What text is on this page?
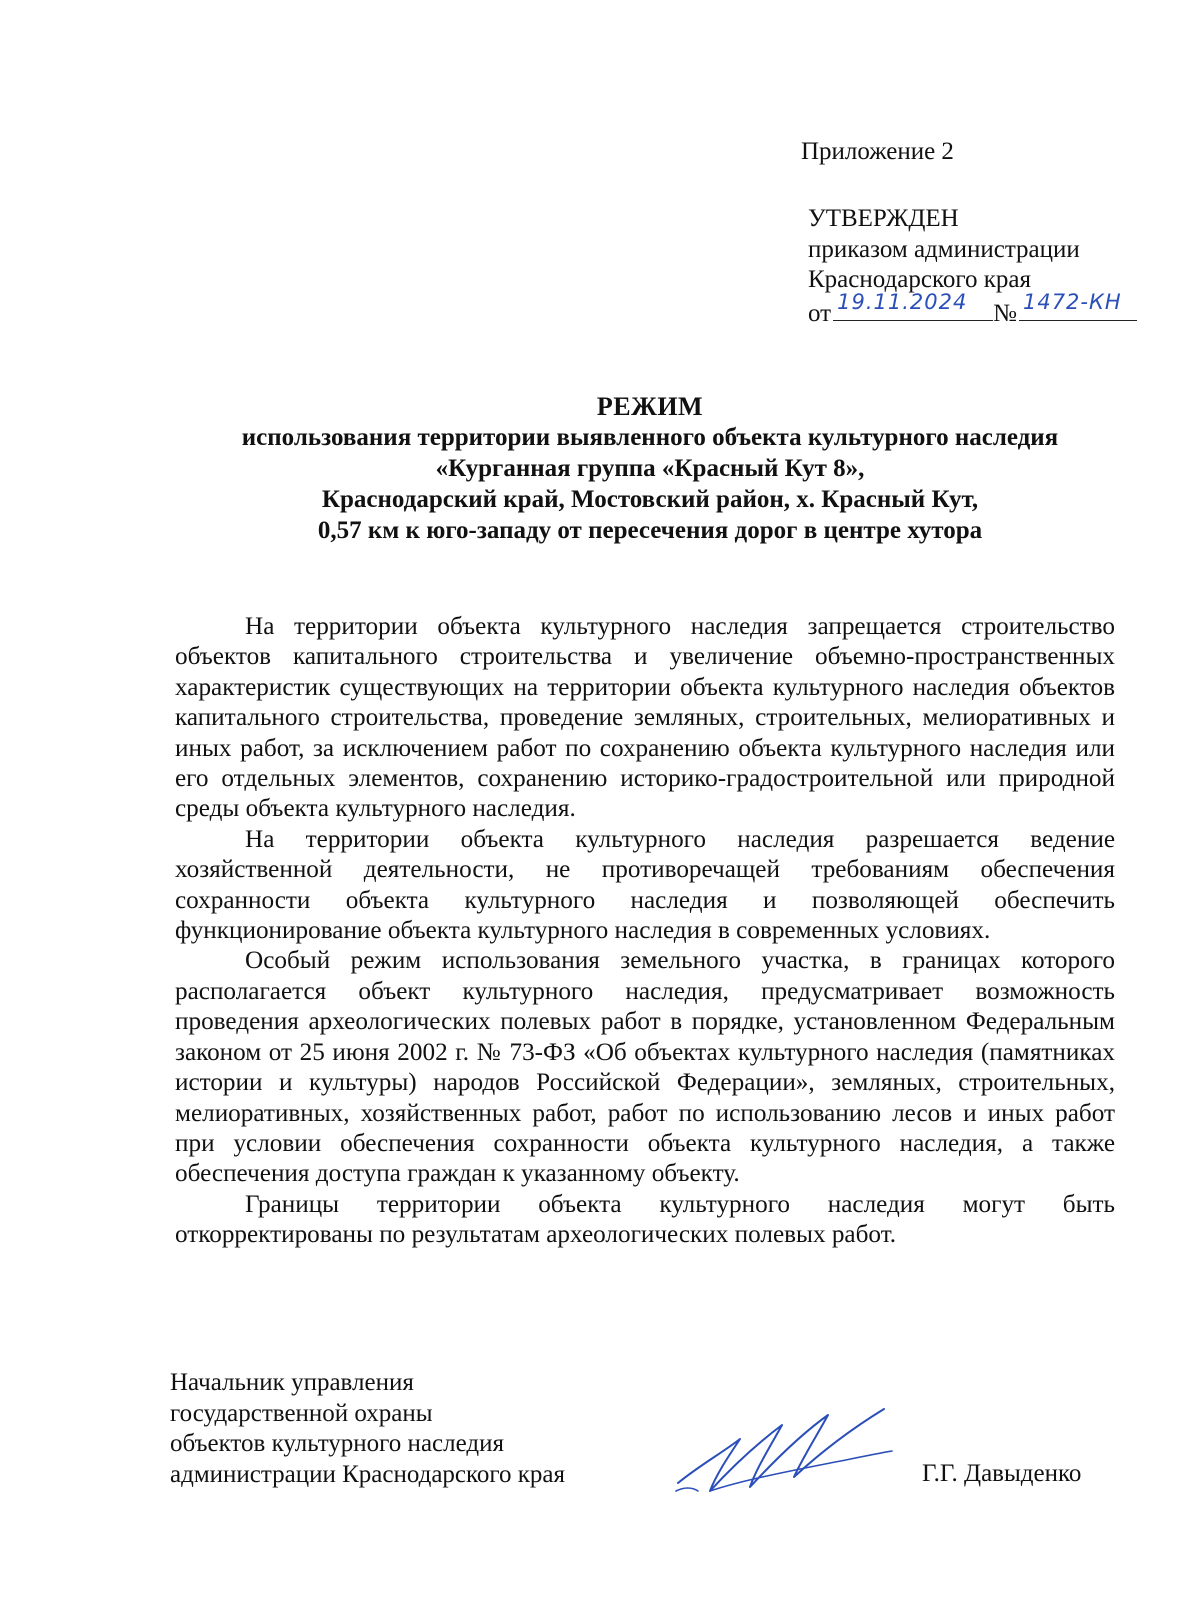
Приложение 2
УТВЕРЖДЕН
приказом администрации
Краснодарского края
от 19.11.2024 № 1472-КН
РЕЖИМ
использования территории выявленного объекта культурного наследия
«Курганная группа «Красный Кут 8»,
Краснодарский край, Мостовский район, х. Красный Кут,
0,57 км к юго-западу от пересечения дорог в центре хутора

На территории объекта культурного наследия запрещается строительство объектов капитального строительства и увеличение объемно-пространственных характеристик существующих на территории объекта культурного наследия объектов капитального строительства, проведение земляных, строительных, мелиоративных и иных работ, за исключением работ по сохранению объекта культурного наследия или его отдельных элементов, сохранению историко-градостроительной или природной среды объекта культурного наследия.

На территории объекта культурного наследия разрешается ведение хозяйственной деятельности, не противоречащей требованиям обеспечения сохранности объекта культурного наследия и позволяющей обеспечить функционирование объекта культурного наследия в современных условиях.

Особый режим использования земельного участка, в границах которого располагается объект культурного наследия, предусматривает возможность проведения археологических полевых работ в порядке, установленном Федеральным законом от 25 июня 2002 г. № 73-ФЗ «Об объектах культурного наследия (памятниках истории и культуры) народов Российской Федерации», земляных, строительных, мелиоративных, хозяйственных работ, работ по использованию лесов и иных работ при условии обеспечения сохранности объекта культурного наследия, а также обеспечения доступа граждан к указанному объекту.

Границы территории объекта культурного наследия могут быть откорректированы по результатам археологических полевых работ.

Начальник управления
государственной охраны
объектов культурного наследия
администрации Краснодарского края	Г.Г. Давыденко
